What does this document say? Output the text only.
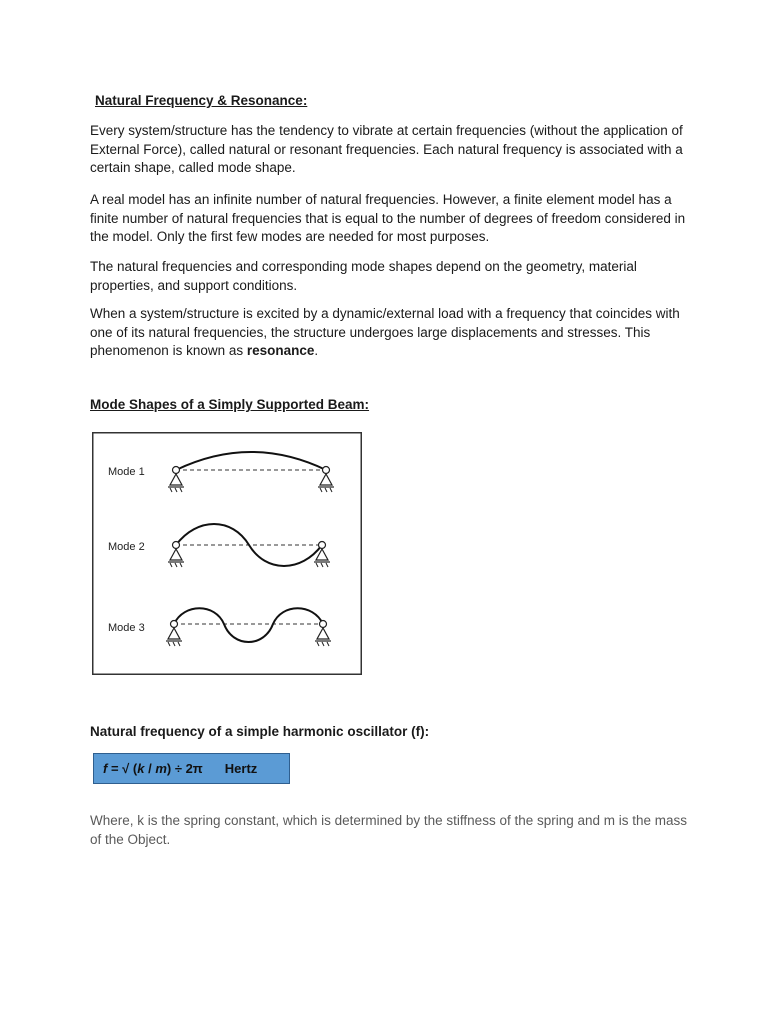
Natural Frequency & Resonance:

Every system/structure has the tendency to vibrate at certain frequencies (without the application of External Force), called natural or resonant frequencies. Each natural frequency is associated with a certain shape, called mode shape.

A real model has an infinite number of natural frequencies. However, a finite element model has a finite number of natural frequencies that is equal to the number of degrees of freedom considered in the model. Only the first few modes are needed for most purposes.

The natural frequencies and corresponding mode shapes depend on the geometry, material properties, and support conditions.

When a system/structure is excited by a dynamic/external load with a frequency that coincides with one of its natural frequencies, the structure undergoes large displacements and stresses. This phenomenon is known as resonance.

Mode Shapes of a Simply Supported Beam:

Mode 1
Mode 2
Mode 3

Natural frequency of a simple harmonic oscillator (f):

f = √ (k / m) ÷ 2π Hertz

Where, k is the spring constant, which is determined by the stiffness of the spring and m is the mass of the Object.
